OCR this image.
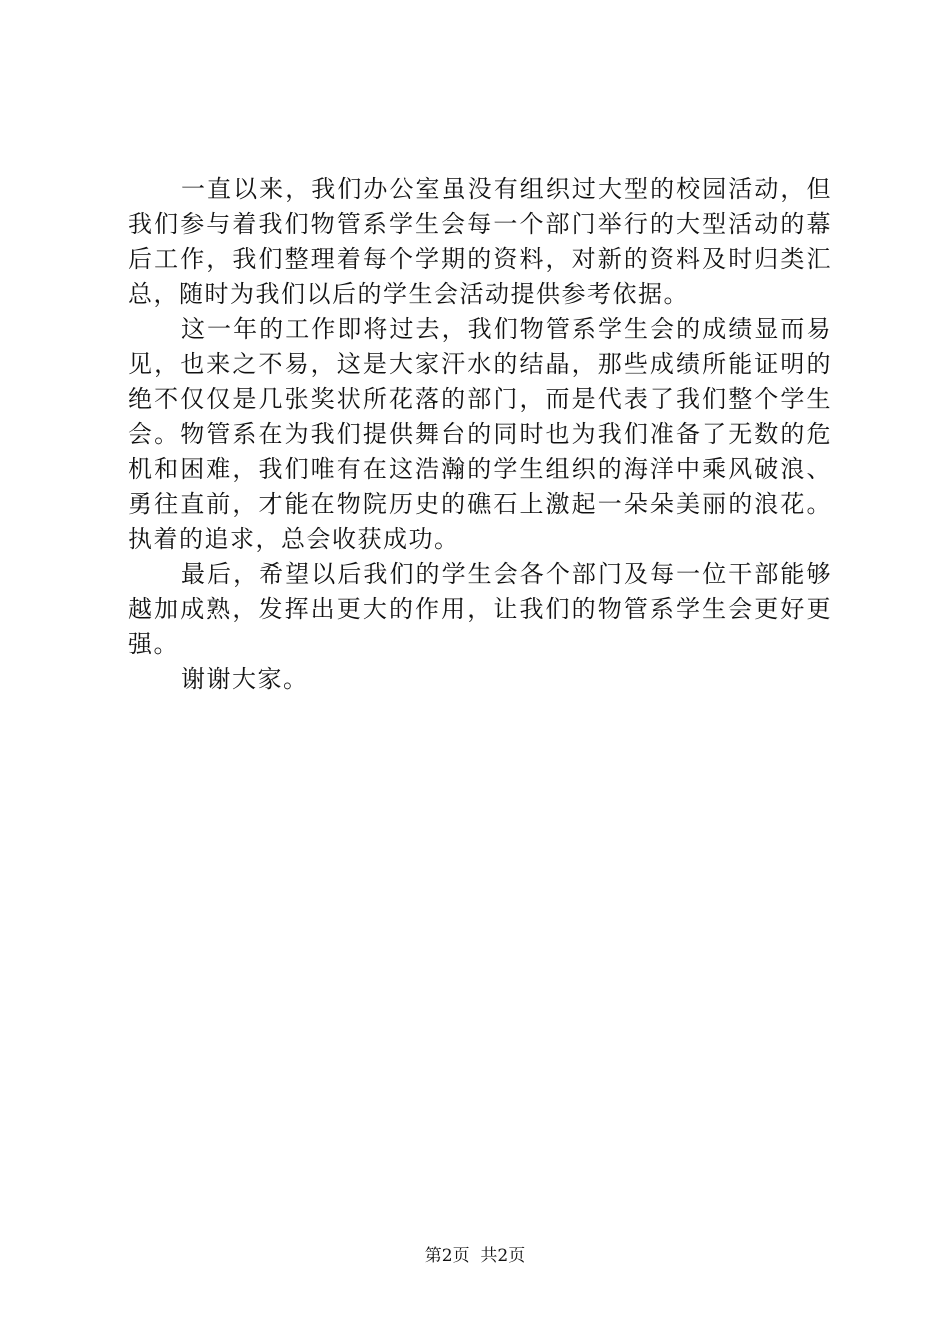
一直以来，我们办公室虽没有组织过大型的校园活动，但我们参与着我们物管系学生会每一个部门举行的大型活动的幕后工作，我们整理着每个学期的资料，对新的资料及时归类汇总，随时为我们以后的学生会活动提供参考依据。

这一年的工作即将过去，我们物管系学生会的成绩显而易见，也来之不易，这是大家汗水的结晶，那些成绩所能证明的绝不仅仅是几张奖状所花落的部门，而是代表了我们整个学生会。物管系在为我们提供舞台的同时也为我们准备了无数的危机和困难，我们唯有在这浩瀚的学生组织的海洋中乘风破浪、勇往直前，才能在物院历史的礁石上激起一朵朵美丽的浪花。执着的追求，总会收获成功。

最后，希望以后我们的学生会各个部门及每一位干部能够越加成熟，发挥出更大的作用，让我们的物管系学生会更好更强。

谢谢大家。

第2页 共2页
